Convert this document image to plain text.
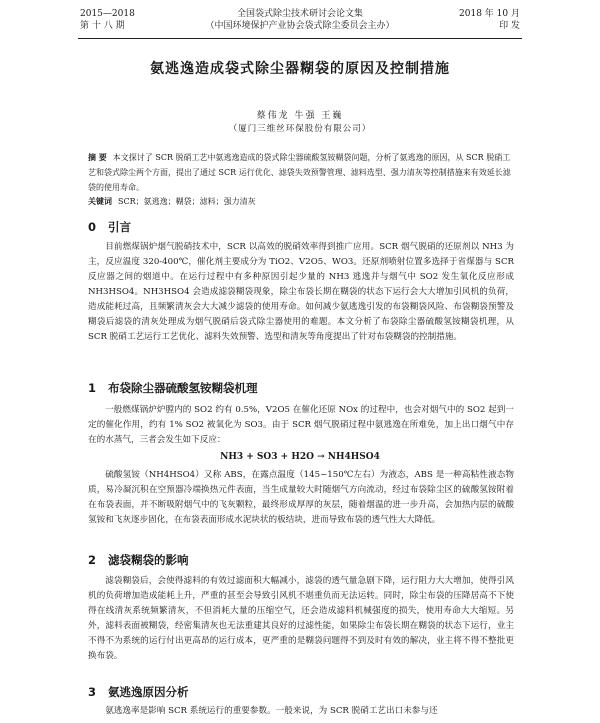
2015—2018
第 十 八 期
全国袋式除尘技术研讨会论文集
（中国环境保护产业协会袋式除尘委员会主办）
2018 年 10 月
印 发
氨逃逸造成袋式除尘器糊袋的原因及控制措施
蔡伟龙 牛强 王巍
（厦门三维丝环保股份有限公司）
摘 要 本文探讨了 SCR 脱硝工艺中氨逃逸造成的袋式除尘器硫酸氢铵糊袋问题，分析了氨逃逸的原因，从 SCR 脱硝工艺和袋式除尘两个方面，提出了通过 SCR 运行优化、滤袋失效预警管理、滤料选型、强力清灰等控制措施来有效延长滤袋的使用寿命。
关键词 SCR；氨逃逸；糊袋；滤料；强力清灰
0 引言
目前燃煤锅炉烟气脱硝技术中，SCR 以高效的脱硝效率得到推广应用。SCR 烟气脱硝的还原剂以 NH3 为主，反应温度 320-400℃，催化剂主要成分为 TiO2、V2O5、WO3。还原剂喷射位置多选择于省煤器与 SCR 反应器之间的烟道中。在运行过程中有多种原因引起少量的 NH3 逃逸并与烟气中 SO2 发生氧化反应形成 NH3HSO4。NH3HSO4 会造成滤袋糊袋现象，除尘布袋长期在糊袋的状态下运行会大大增加引风机的负荷，造成能耗过高，且频繁清灰会大大减少滤袋的使用寿命。如何减少氨逃逸引发的布袋糊袋风险、布袋糊袋预警及糊袋后滤袋的清灰处理成为烟气脱硝后袋式除尘器使用的难题。本文分析了布袋除尘器硫酸氢铵糊袋机理，从 SCR 脱硝工艺运行工艺优化、滤料失效预警、选型和清灰等角度提出了针对布袋糊袋的控制措施。
1 布袋除尘器硫酸氢铵糊袋机理
一般燃煤锅炉炉膛内的 SO2 约有 0.5%，V2O5 在催化还原 NOx 的过程中，也会对烟气中的 SO2 起到一定的催化作用，约有 1% SO2 被氧化为 SO3。由于 SCR 烟气脱硝过程中氨逃逸在所难免，加上出口烟气中存在的水蒸气，三者会发生如下反应：
NH3 + SO3 + H2O → NH4HSO4
硫酸氢铵（NH4HSO4）又称 ABS，在露点温度（145~150℃左右）为液态，ABS 是一种高粘性液态物质，易冷凝沉积在空预器冷端换热元件表面，当生成量较大时随烟气方向流动，经过布袋除尘区的硫酸氢铵附着在布袋表面，并不断吸附烟气中的飞灰颗粒，最终形成厚厚的灰层，随着烟温的进一步升高，会加热内层的硫酸氢铵和飞灰逐步固化，在布袋表面形成水泥块状的板结块，进而导致布袋的透气性大大降低。
2 滤袋糊袋的影响
滤袋糊袋后，会使得滤料的有效过滤面积大幅减小，滤袋的透气量急剧下降，运行阻力大大增加，使得引风机的负荷增加造成能耗上升，严重的甚至会导致引风机不堪重负而无法运转。同时，除尘布袋的压降居高不下使得在线清灰系统频繁清灰，不但消耗大量的压缩空气，还会造成滤料机械强度的损失，使用寿命大大缩短。另外，滤料表面被糊袋，经密集清灰也无法重建其良好的过滤性能，如果除尘布袋长期在糊袋的状态下运行，业主不得不为系统的运行付出更高昂的运行成本，更严重的是糊袋问题得不到及时有效的解决，业主将不得不整批更换布袋。
3 氨逃逸原因分析
氨逃逸率是影响 SCR 系统运行的重要参数。一般来说，为 SCR 脱硝工艺出口未参与还
